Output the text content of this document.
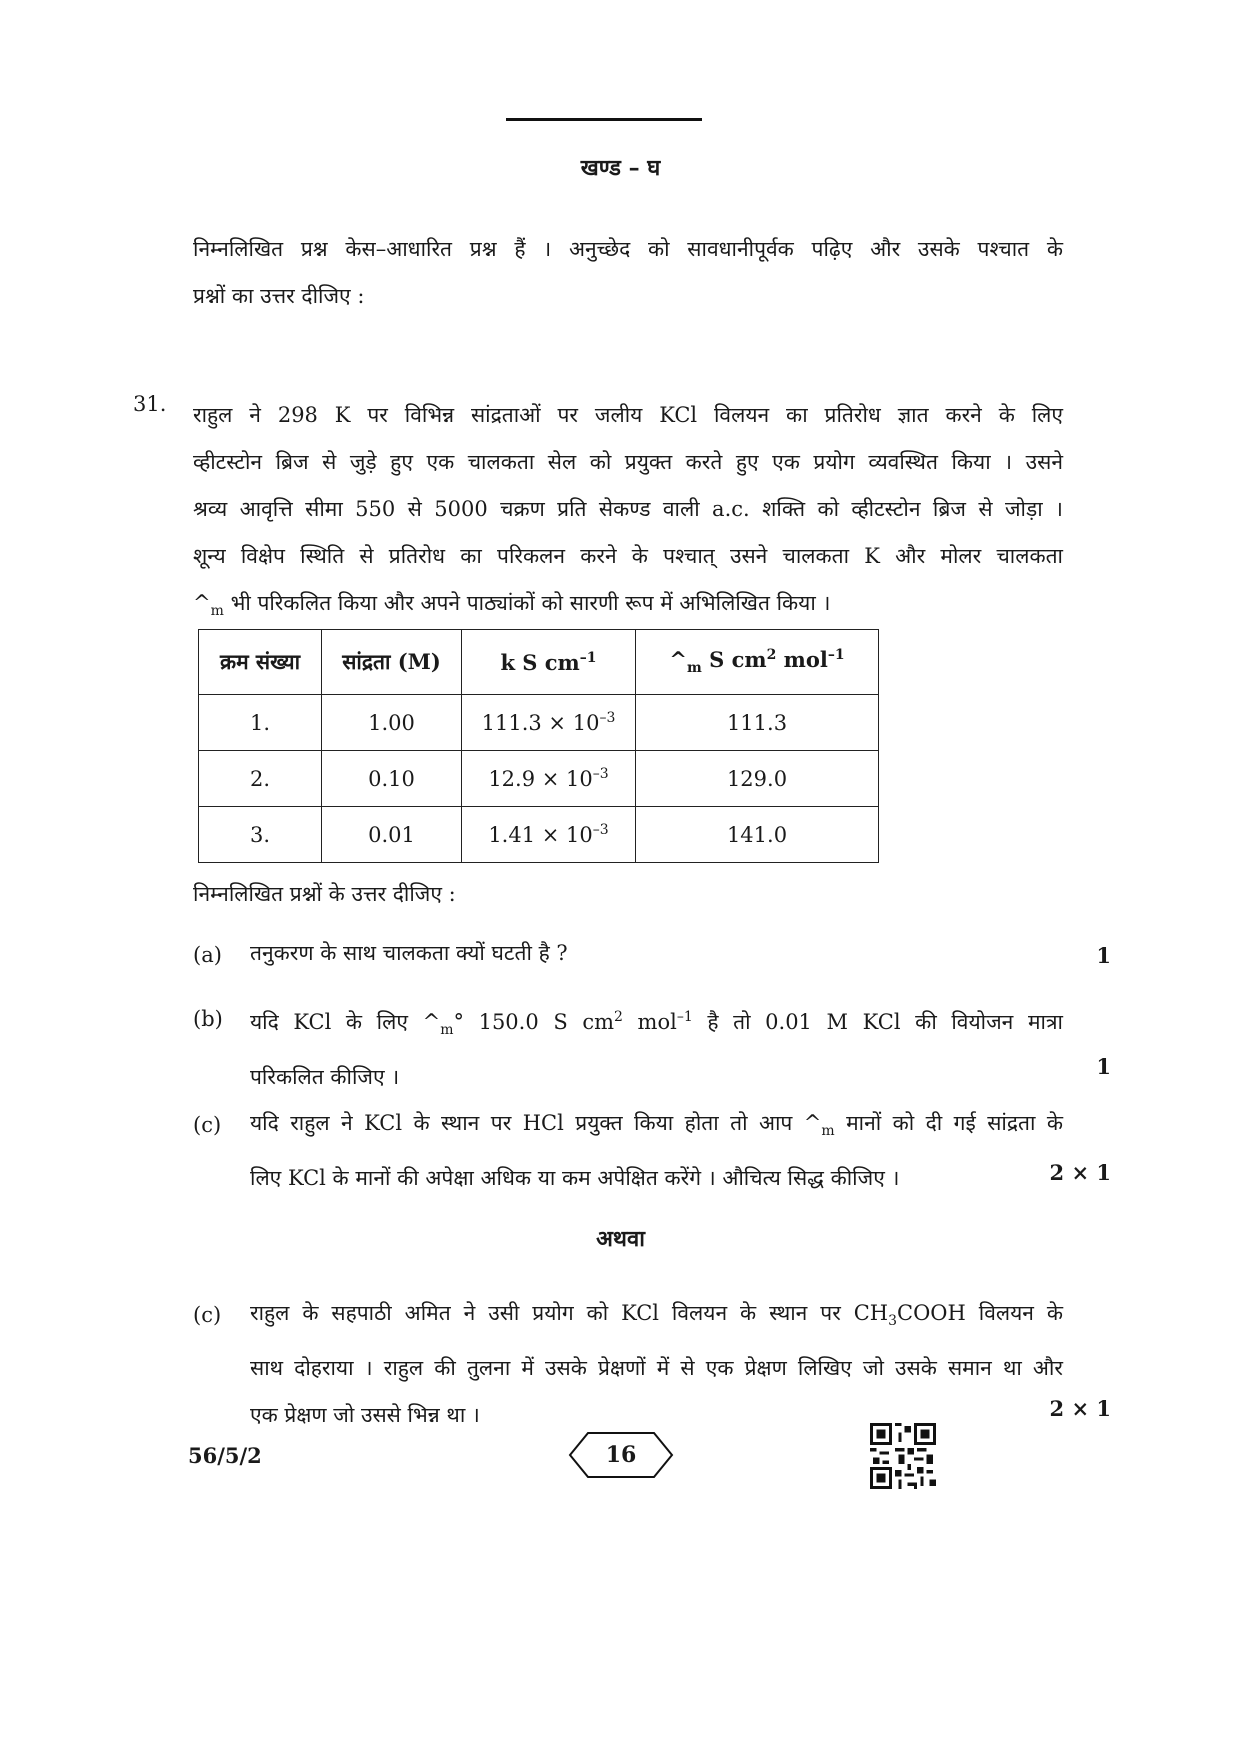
खण्ड – घ
निम्नलिखित प्रश्न केस–आधारित प्रश्न हैं । अनुच्छेद को सावधानीपूर्वक पढ़िए और उसके पश्चात के
प्रश्नों का उत्तर दीजिए :
31. राहुल ने 298 K पर विभिन्न सांद्रताओं पर जलीय KCl विलयन का प्रतिरोध ज्ञात करने के लिए
व्हीटस्टोन ब्रिज से जुड़े हुए एक चालकता सेल को प्रयुक्त करते हुए एक प्रयोग व्यवस्थित किया । उसने
श्रव्य आवृत्ति सीमा 550 से 5000 चक्रण प्रति सेकण्ड वाली a.c. शक्ति को व्हीटस्टोन ब्रिज से जोड़ा ।
शून्य विक्षेप स्थिति से प्रतिरोध का परिकलन करने के पश्चात् उसने चालकता K और मोलर चालकता
$\^{}_m$ भी परिकलित किया और अपने पाठ्यांकों को सारणी रूप में अभिलिखित किया ।
क्रम संख्या	सांद्रता (M)	k S $cm^{-1}$	$\^{}_m$ S $cm^2$ mol$^{-1}$
1.	1.00	$111.3 \times 10^{-3}$	111.3
2.	0.10	$12.9 \times 10^{-3}$	129.0
3.	0.01	$1.41 \times 10^{-3}$	141.0
निम्नलिखित प्रश्नों के उत्तर दीजिए :
(a) तनुकरण के साथ चालकता क्यों घटती है ?	1
(b) यदि KCl के लिए $\^{}_m^\circ$ 150.0 S $cm^2$ mol$^{-1}$ है तो 0.01 M KCl की वियोजन मात्रा
परिकलित कीजिए ।	1
(c) यदि राहुल ने KCl के स्थान पर HCl प्रयुक्त किया होता तो आप $\^{}_m$ मानों को दी गई सांद्रता के
लिए KCl के मानों की अपेक्षा अधिक या कम अपेक्षित करेंगे । औचित्य सिद्ध कीजिए ।	2 × 1
अथवा
(c) राहुल के सहपाठी अमित ने उसी प्रयोग को KCl विलयन के स्थान पर $CH_3COOH$ विलयन के
साथ दोहराया । राहुल की तुलना में उसके प्रेक्षणों में से एक प्रेक्षण लिखिए जो उसके समान था और
एक प्रेक्षण जो उससे भिन्न था ।	2 × 1
56/5/2	16
